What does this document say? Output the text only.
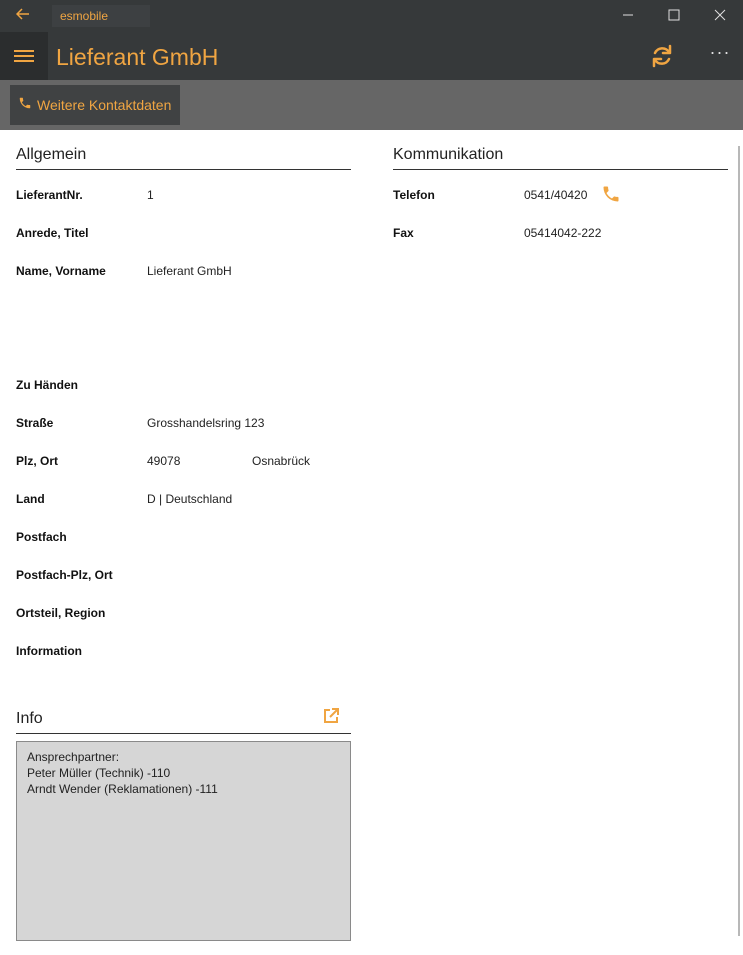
esmobile
Lieferant GmbH	···
Weitere Kontaktdaten
Allgemein
LieferantNr.	1
Anrede, Titel
Name, Vorname	Lieferant GmbH
Zu Händen
Straße	Grosshandelsring 123
Plz, Ort	49078	Osnabrück
Land	D | Deutschland
Postfach
Postfach-Plz, Ort
Ortsteil, Region
Information
Kommunikation
Telefon	0541/40420
Fax	05414042-222
Info
Ansprechpartner:
Peter Müller (Technik) -110
Arndt Wender (Reklamationen) -111
